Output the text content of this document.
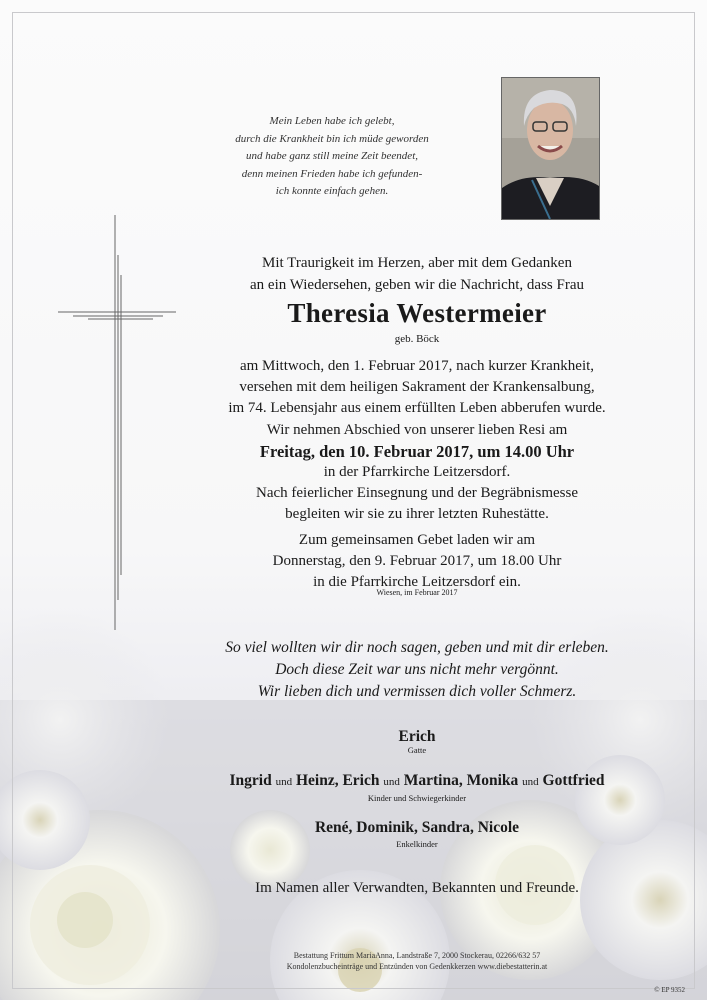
Mein Leben habe ich gelebt,
durch die Krankheit bin ich müde geworden
und habe ganz still meine Zeit beendet,
denn meinen Frieden habe ich gefunden-
ich konnte einfach gehen.
Mit Traurigkeit im Herzen, aber mit dem Gedanken
an ein Wiedersehen, geben wir die Nachricht, dass Frau
Theresia Westermeier
geb. Böck
am Mittwoch, den 1. Februar 2017, nach kurzer Krankheit,
versehen mit dem heiligen Sakrament der Krankensalbung,
im 74. Lebensjahr aus einem erfüllten Leben abberufen wurde.
Wir nehmen Abschied von unserer lieben Resi am
Freitag, den 10. Februar 2017, um 14.00 Uhr
in der Pfarrkirche Leitzersdorf.
Nach feierlicher Einsegnung und der Begräbnismesse
begleiten wir sie zu ihrer letzten Ruhestätte.
Zum gemeinsamen Gebet laden wir am
Donnerstag, den 9. Februar 2017, um 18.00 Uhr
in die Pfarrkirche Leitzersdorf ein.
Wiesen, im Februar 2017
So viel wollten wir dir noch sagen, geben und mit dir erleben.
Doch diese Zeit war uns nicht mehr vergönnt.
Wir lieben dich und vermissen dich voller Schmerz.
Erich
Gatte
Ingrid und Heinz, Erich und Martina, Monika und Gottfried
Kinder und Schwiegerkinder
René, Dominik, Sandra, Nicole
Enkelkinder
Im Namen aller Verwandten, Bekannten und Freunde.
Bestattung Frittum MariaAnna, Landstraße 7, 2000 Stockerau, 02266/632 57
Kondolenzbucheinträge und Entzünden von Gedenkkerzen www.diebestatterin.at
© EP 9352
